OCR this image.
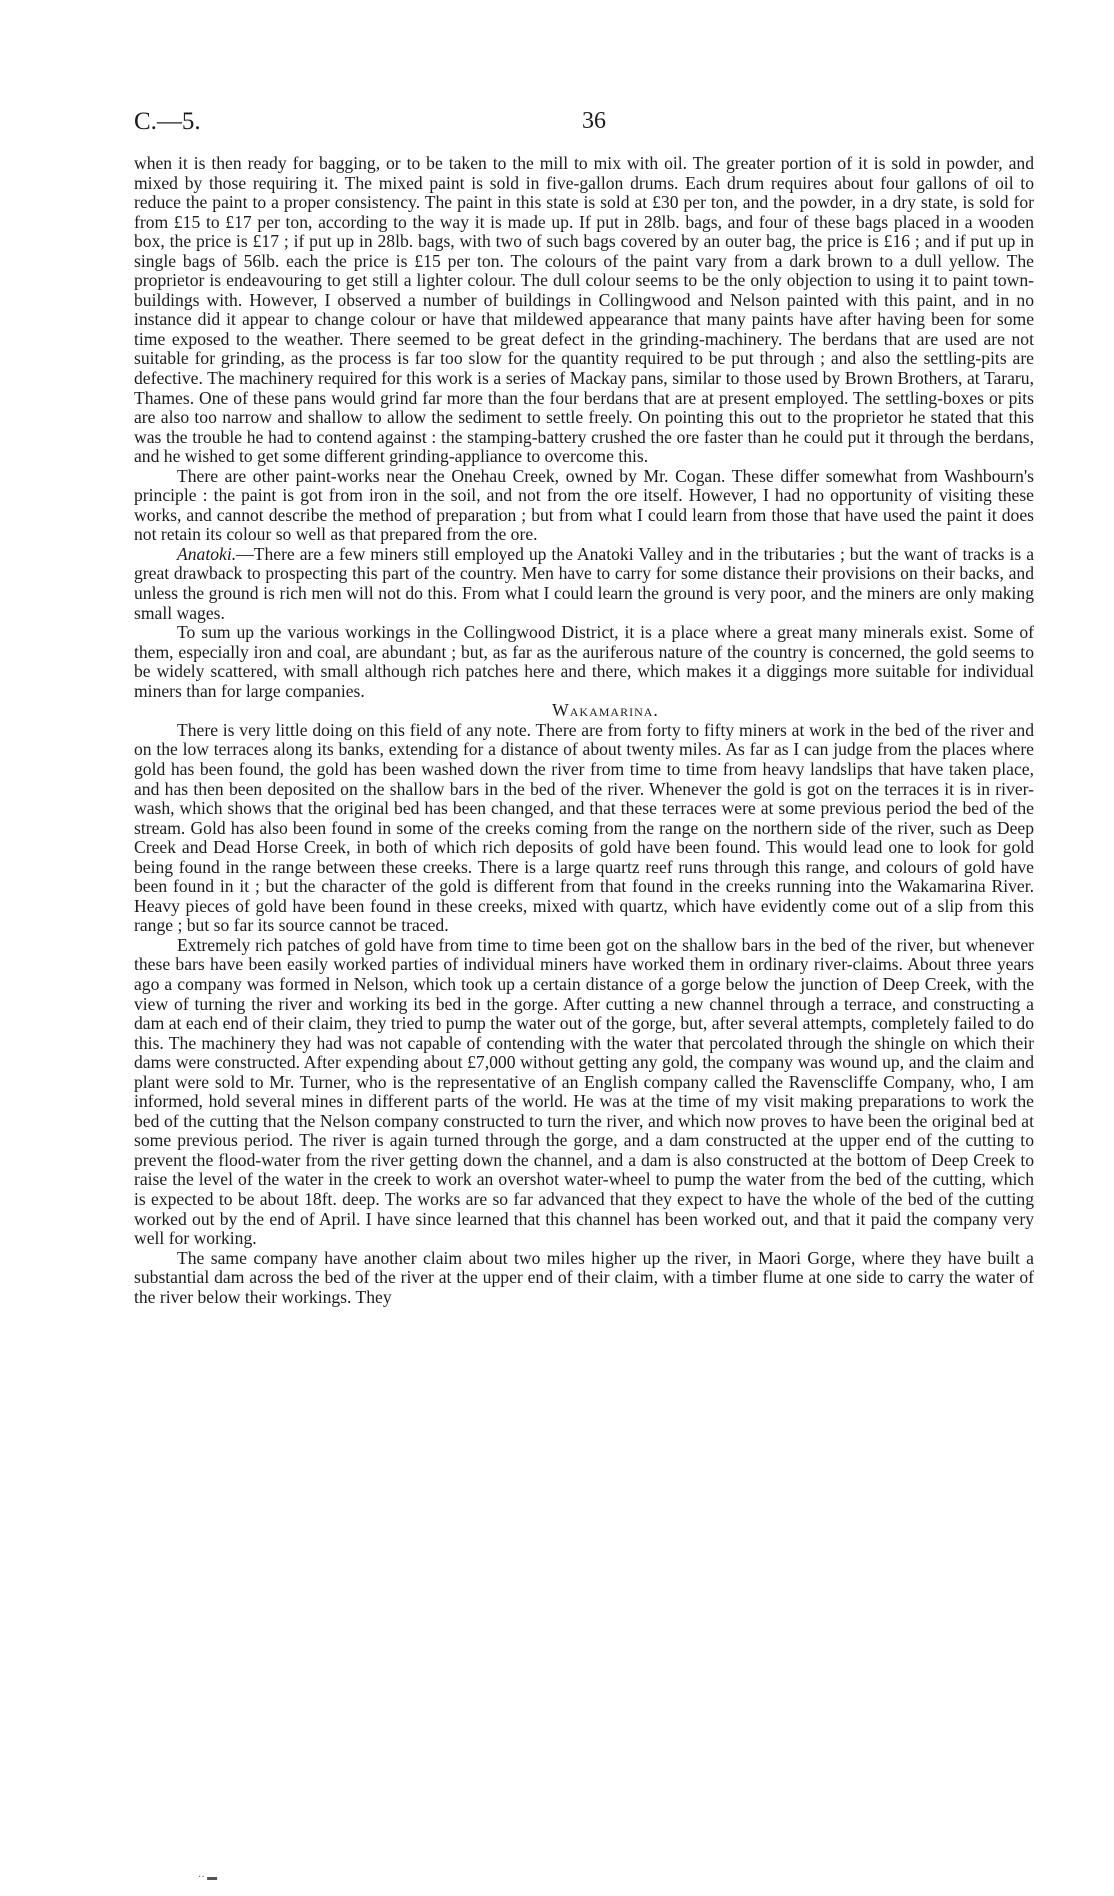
C.—5.	36

when it is then ready for bagging, or to be taken to the mill to mix with oil. The greater portion of it is sold in powder, and mixed by those requiring it. The mixed paint is sold in five-gallon drums. Each drum requires about four gallons of oil to reduce the paint to a proper consistency. The paint in this state is sold at £30 per ton, and the powder, in a dry state, is sold for from £15 to £17 per ton, according to the way it is made up. If put in 28lb. bags, and four of these bags placed in a wooden box, the price is £17 ; if put up in 28lb. bags, with two of such bags covered by an outer bag, the price is £16 ; and if put up in single bags of 56lb. each the price is £15 per ton. The colours of the paint vary from a dark brown to a dull yellow. The proprietor is endeavouring to get still a lighter colour. The dull colour seems to be the only objection to using it to paint town-buildings with. However, I observed a number of buildings in Collingwood and Nelson painted with this paint, and in no instance did it appear to change colour or have that mildewed appearance that many paints have after having been for some time exposed to the weather. There seemed to be great defect in the grinding-machinery. The berdans that are used are not suitable for grinding, as the process is far too slow for the quantity required to be put through ; and also the settling-pits are defective. The machinery required for this work is a series of Mackay pans, similar to those used by Brown Brothers, at Tararu, Thames. One of these pans would grind far more than the four berdans that are at present employed. The settling-boxes or pits are also too narrow and shallow to allow the sediment to settle freely. On pointing this out to the proprietor he stated that this was the trouble he had to contend against : the stamping-battery crushed the ore faster than he could put it through the berdans, and he wished to get some different grinding-appliance to overcome this.

There are other paint-works near the Onehau Creek, owned by Mr. Cogan. These differ somewhat from Washbourn's principle : the paint is got from iron in the soil, and not from the ore itself. However, I had no opportunity of visiting these works, and cannot describe the method of preparation ; but from what I could learn from those that have used the paint it does not retain its colour so well as that prepared from the ore.

Anatoki.—There are a few miners still employed up the Anatoki Valley and in the tributaries ; but the want of tracks is a great drawback to prospecting this part of the country. Men have to carry for some distance their provisions on their backs, and unless the ground is rich men will not do this. From what I could learn the ground is very poor, and the miners are only making small wages.

To sum up the various workings in the Collingwood District, it is a place where a great many minerals exist. Some of them, especially iron and coal, are abundant ; but, as far as the auriferous nature of the country is concerned, the gold seems to be widely scattered, with small although rich patches here and there, which makes it a diggings more suitable for individual miners than for large companies.

Wakamarina.

There is very little doing on this field of any note. There are from forty to fifty miners at work in the bed of the river and on the low terraces along its banks, extending for a distance of about twenty miles. As far as I can judge from the places where gold has been found, the gold has been washed down the river from time to time from heavy landslips that have taken place, and has then been deposited on the shallow bars in the bed of the river. Whenever the gold is got on the terraces it is in river-wash, which shows that the original bed has been changed, and that these terraces were at some previous period the bed of the stream. Gold has also been found in some of the creeks coming from the range on the northern side of the river, such as Deep Creek and Dead Horse Creek, in both of which rich deposits of gold have been found. This would lead one to look for gold being found in the range between these creeks. There is a large quartz reef runs through this range, and colours of gold have been found in it ; but the character of the gold is different from that found in the creeks running into the Wakamarina River. Heavy pieces of gold have been found in these creeks, mixed with quartz, which have evidently come out of a slip from this range ; but so far its source cannot be traced.

Extremely rich patches of gold have from time to time been got on the shallow bars in the bed of the river, but whenever these bars have been easily worked parties of individual miners have worked them in ordinary river-claims. About three years ago a company was formed in Nelson, which took up a certain distance of a gorge below the junction of Deep Creek, with the view of turning the river and working its bed in the gorge. After cutting a new channel through a terrace, and constructing a dam at each end of their claim, they tried to pump the water out of the gorge, but, after several attempts, completely failed to do this. The machinery they had was not capable of contending with the water that percolated through the shingle on which their dams were constructed. After expending about £7,000 without getting any gold, the company was wound up, and the claim and plant were sold to Mr. Turner, who is the representative of an English company called the Ravenscliffe Company, who, I am informed, hold several mines in different parts of the world. He was at the time of my visit making preparations to work the bed of the cutting that the Nelson company constructed to turn the river, and which now proves to have been the original bed at some previous period. The river is again turned through the gorge, and a dam constructed at the upper end of the cutting to prevent the flood-water from the river getting down the channel, and a dam is also constructed at the bottom of Deep Creek to raise the level of the water in the creek to work an overshot water-wheel to pump the water from the bed of the cutting, which is expected to be about 18ft. deep. The works are so far advanced that they expect to have the whole of the bed of the cutting worked out by the end of April. I have since learned that this channel has been worked out, and that it paid the company very well for working.

The same company have another claim about two miles higher up the river, in Maori Gorge, where they have built a substantial dam across the bed of the river at the upper end of their claim, with a timber flume at one side to carry the water of the river below their workings. They

·· ▬
